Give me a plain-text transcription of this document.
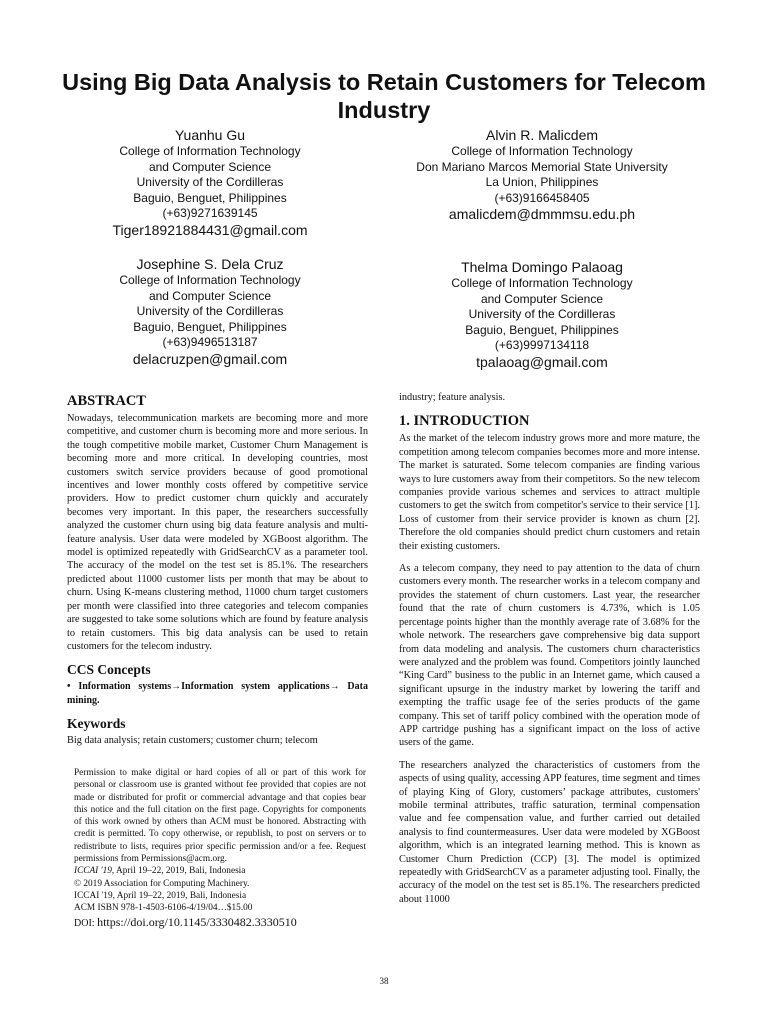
Using Big Data Analysis to Retain Customers for Telecom Industry
Yuanhu Gu
College of Information Technology
and Computer Science
University of the Cordilleras
Baguio, Benguet, Philippines
(+63)9271639145
Tiger18921884431@gmail.com
Alvin R. Malicdem
College of Information Technology
Don Mariano Marcos Memorial State University
La Union, Philippines
(+63)9166458405
amalicdem@dmmmsu.edu.ph
Josephine S. Dela Cruz
College of Information Technology
and Computer Science
University of the Cordilleras
Baguio, Benguet, Philippines
(+63)9496513187
delacruzpen@gmail.com
Thelma Domingo Palaoag
College of Information Technology
and Computer Science
University of the Cordilleras
Baguio, Benguet, Philippines
(+63)9997134118
tpalaoag@gmail.com
ABSTRACT

Nowadays, telecommunication markets are becoming more and more competitive, and customer churn is becoming more and more serious. In the tough competitive mobile market, Customer Churn Management is becoming more and more critical. In developing countries, most customers switch service providers because of good promotional incentives and lower monthly costs offered by competitive service providers. How to predict customer churn quickly and accurately becomes very important. In this paper, the researchers successfully analyzed the customer churn using big data feature analysis and multi-feature analysis. User data were modeled by XGBoost algorithm. The model is optimized repeatedly with GridSearchCV as a parameter tool. The accuracy of the model on the test set is 85.1%. The researchers predicted about 11000 customer lists per month that may be about to churn. Using K-means clustering method, 11000 churn target customers per month were classified into three categories and telecom companies are suggested to take some solutions which are found by feature analysis to retain customers. This big data analysis can be used to retain customers for the telecom industry.

CCS Concepts

• Information systems→Information system applications→ Data mining.

Keywords

Big data analysis; retain customers; customer churn; telecom

Permission to make digital or hard copies of all or part of this work for personal or classroom use is granted without fee provided that copies are not made or distributed for profit or commercial advantage and that copies bear this notice and the full citation on the first page. Copyrights for components of this work owned by others than ACM must be honored. Abstracting with credit is permitted. To copy otherwise, or republish, to post on servers or to redistribute to lists, requires prior specific permission and/or a fee. Request permissions from Permissions@acm.org.

ICCAI '19, April 19–22, 2019, Bali, Indonesia

© 2019 Association for Computing Machinery.

ICCAI '19, April 19–22, 2019, Bali, Indonesia

ACM ISBN 978-1-4503-6106-4/19/04…$15.00

DOI: https://doi.org/10.1145/3330482.3330510

industry; feature analysis.

1. INTRODUCTION

As the market of the telecom industry grows more and more mature, the competition among telecom companies becomes more and more intense. The market is saturated. Some telecom companies are finding various ways to lure customers away from their competitors. So the new telecom companies provide various schemes and services to attract multiple customers to get the switch from competitor's service to their service [1]. Loss of customer from their service provider is known as churn [2]. Therefore the old companies should predict churn customers and retain their existing customers.

As a telecom company, they need to pay attention to the data of churn customers every month. The researcher works in a telecom company and provides the statement of churn customers. Last year, the researcher found that the rate of churn customers is 4.73%, which is 1.05 percentage points higher than the monthly average rate of 3.68% for the whole network. The researchers gave comprehensive big data support from data modeling and analysis. The customers churn characteristics were analyzed and the problem was found. Competitors jointly launched “King Card” business to the public in an Internet game, which caused a significant upsurge in the industry market by lowering the tariff and exempting the traffic usage fee of the series products of the game company. This set of tariff policy combined with the operation mode of APP cartridge pushing has a significant impact on the loss of active users of the game.

The researchers analyzed the characteristics of customers from the aspects of using quality, accessing APP features, time segment and times of playing King of Glory, customers’ package attributes, customers' mobile terminal attributes, traffic saturation, terminal compensation value and fee compensation value, and further carried out detailed analysis to find countermeasures. User data were modeled by XGBoost algorithm, which is an integrated learning method. This is known as Customer Churn Prediction (CCP) [3]. The model is optimized repeatedly with GridSearchCV as a parameter adjusting tool. Finally, the accuracy of the model on the test set is 85.1%. The researchers predicted about 11000

38
